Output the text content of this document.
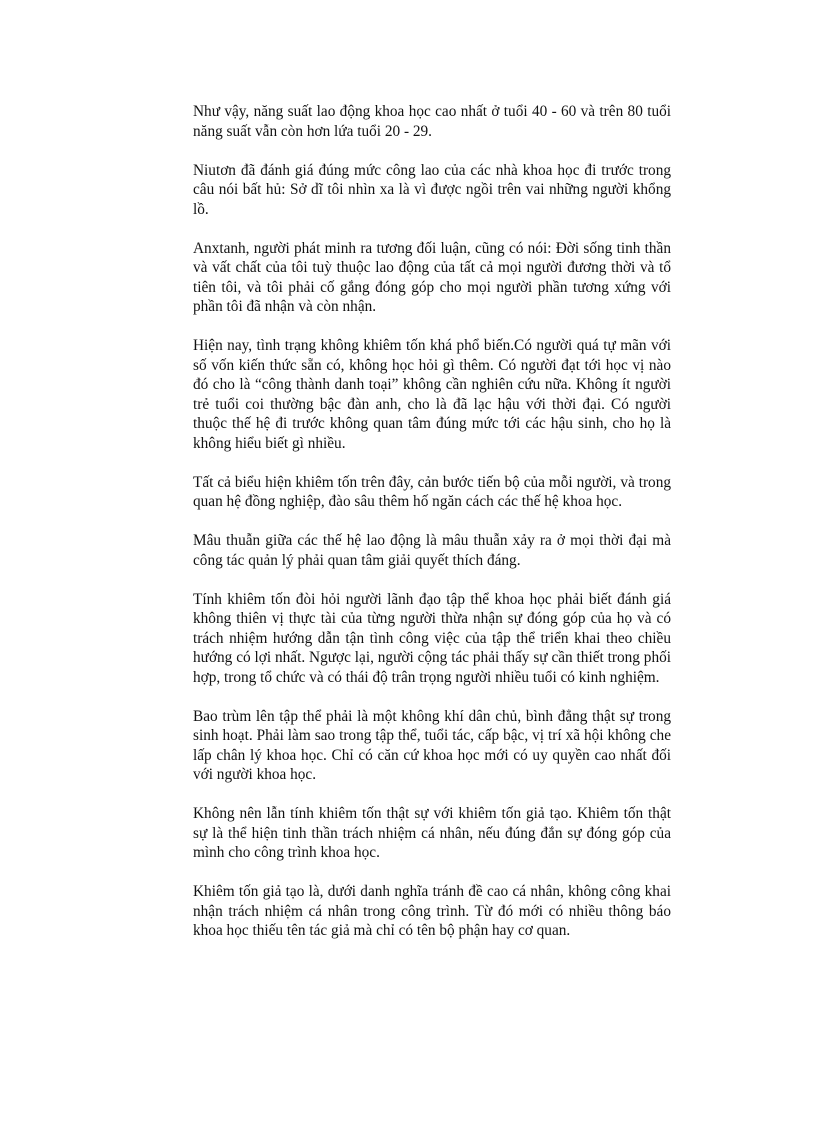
Như vậy, năng suất lao động khoa học cao nhất ở tuổi 40 - 60 và trên 80 tuổi năng suất vẫn còn hơn lứa tuổi 20 - 29.

Niutơn đã đánh giá đúng mức công lao của các nhà khoa học đi trước trong câu nói bất hủ: Sở dĩ tôi nhìn xa là vì được ngồi trên vai những người khổng lồ.

Anxtanh, người phát minh ra tương đối luận, cũng có nói: Đời sống tinh thần và vất chất của tôi tuỳ thuộc lao động của tất cả mọi người đương thời và tổ tiên tôi, và tôi phải cố gắng đóng góp cho mọi người phần tương xứng với phần tôi đã nhận và còn nhận.

Hiện nay, tình trạng không khiêm tốn khá phổ biến.Có người quá tự mãn với số vốn kiến thức sẵn có, không học hỏi gì thêm. Có người đạt tới học vị nào đó cho là “công thành danh toại” không cần nghiên cứu nữa. Không ít người trẻ tuổi coi thường bậc đàn anh, cho là đã lạc hậu với thời đại. Có người thuộc thế hệ đi trước không quan tâm đúng mức tới các hậu sinh, cho họ là không hiểu biết gì nhiều.

Tất cả biểu hiện khiêm tốn trên đây, cản bước tiến bộ của mỗi người, và trong quan hệ đồng nghiệp, đào sâu thêm hố ngăn cách các thế hệ khoa học.

Mâu thuẫn giữa các thế hệ lao động là mâu thuẫn xảy ra ở mọi thời đại mà công tác quản lý phải quan tâm giải quyết thích đáng.

Tính khiêm tốn đòi hỏi người lãnh đạo tập thể khoa học phải biết đánh giá không thiên vị thực tài của từng người thừa nhận sự đóng góp của họ và có trách nhiệm hướng dẫn tận tình công việc của tập thể triển khai theo chiều hướng có lợi nhất. Ngược lại, người cộng tác phải thấy sự cần thiết trong phối hợp, trong tổ chức và có thái độ trân trọng người nhiều tuổi có kinh nghiệm.

Bao trùm lên tập thể phải là một không khí dân chủ, bình đẳng thật sự trong sinh hoạt. Phải làm sao trong tập thể, tuổi tác, cấp bậc, vị trí xã hội không che lấp chân lý khoa học. Chỉ có căn cứ khoa học mới có uy quyền cao nhất đối với người khoa học.

Không nên lẫn tính khiêm tốn thật sự với khiêm tốn giả tạo. Khiêm tốn thật sự là thể hiện tinh thần trách nhiệm cá nhân, nếu đúng đắn sự đóng góp của mình cho công trình khoa học.

Khiêm tốn giả tạo là, dưới danh nghĩa tránh đề cao cá nhân, không công khai nhận trách nhiệm cá nhân trong công trình. Từ đó mới có nhiều thông báo khoa học thiếu tên tác giả mà chỉ có tên bộ phận hay cơ quan.
